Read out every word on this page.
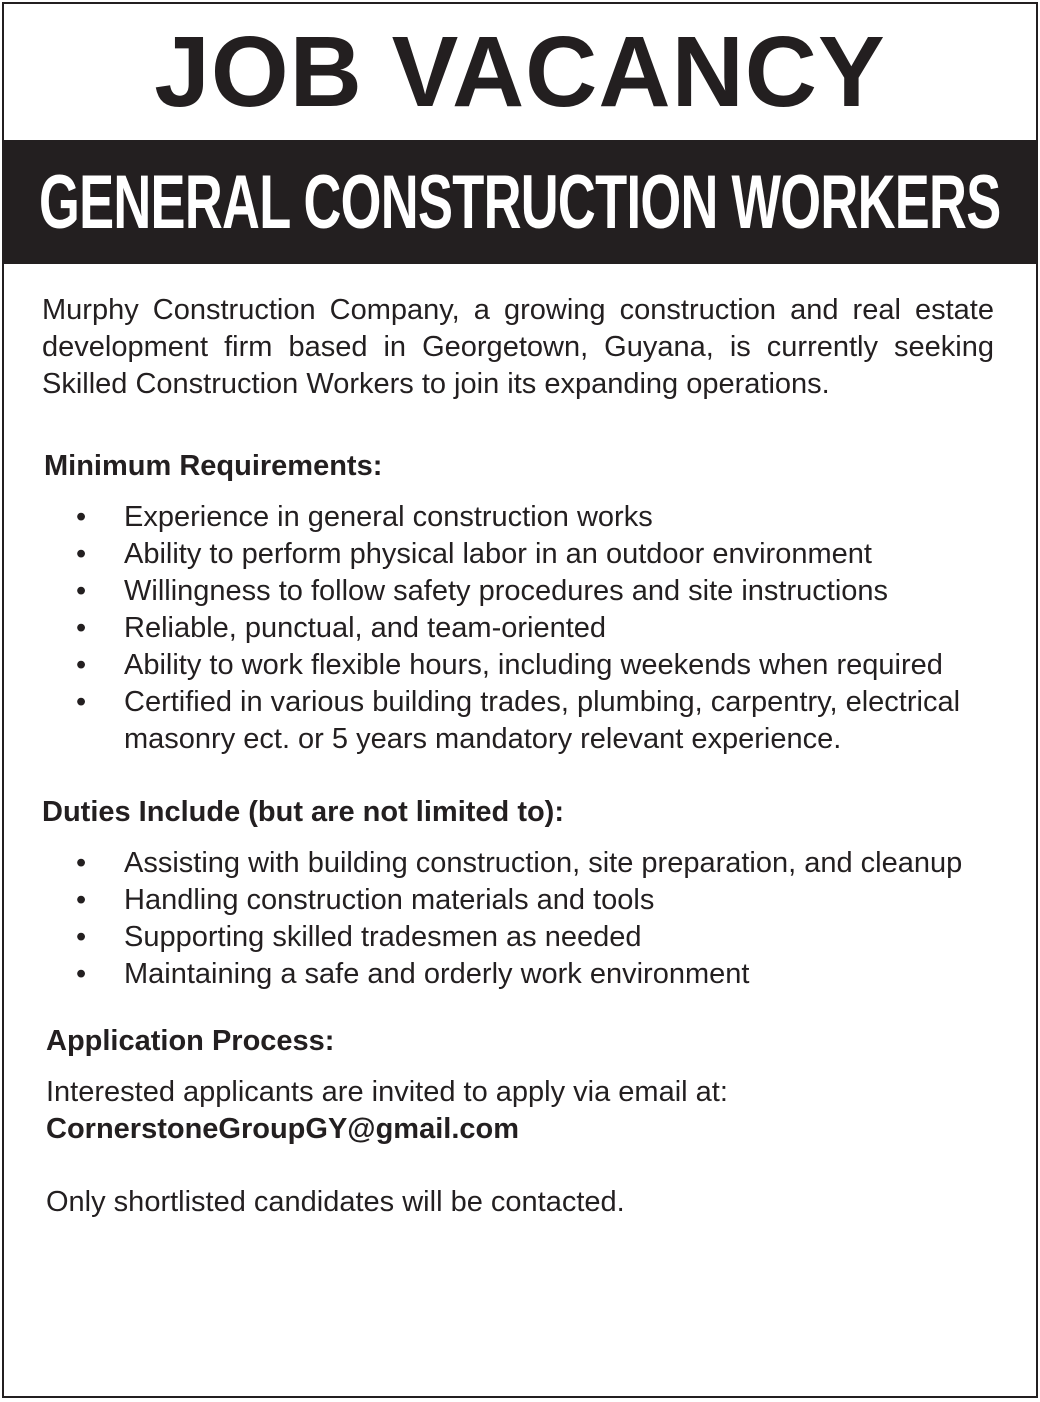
JOB VACANCY
GENERAL CONSTRUCTION WORKERS

Murphy Construction Company, a growing construction and real estate development firm based in Georgetown, Guyana, is currently seeking Skilled Construction Workers to join its expanding operations.

Minimum Requirements:
• Experience in general construction works
• Ability to perform physical labor in an outdoor environment
• Willingness to follow safety procedures and site instructions
• Reliable, punctual, and team-oriented
• Ability to work flexible hours, including weekends when required
• Certified in various building trades, plumbing, carpentry, electrical masonry ect. or 5 years mandatory relevant experience.
Duties Include (but are not limited to):
• Assisting with building construction, site preparation, and cleanup
• Handling construction materials and tools
• Supporting skilled tradesmen as needed
• Maintaining a safe and orderly work environment
Application Process:

Interested applicants are invited to apply via email at:

CornerstoneGroupGY@gmail.com

Only shortlisted candidates will be contacted.
